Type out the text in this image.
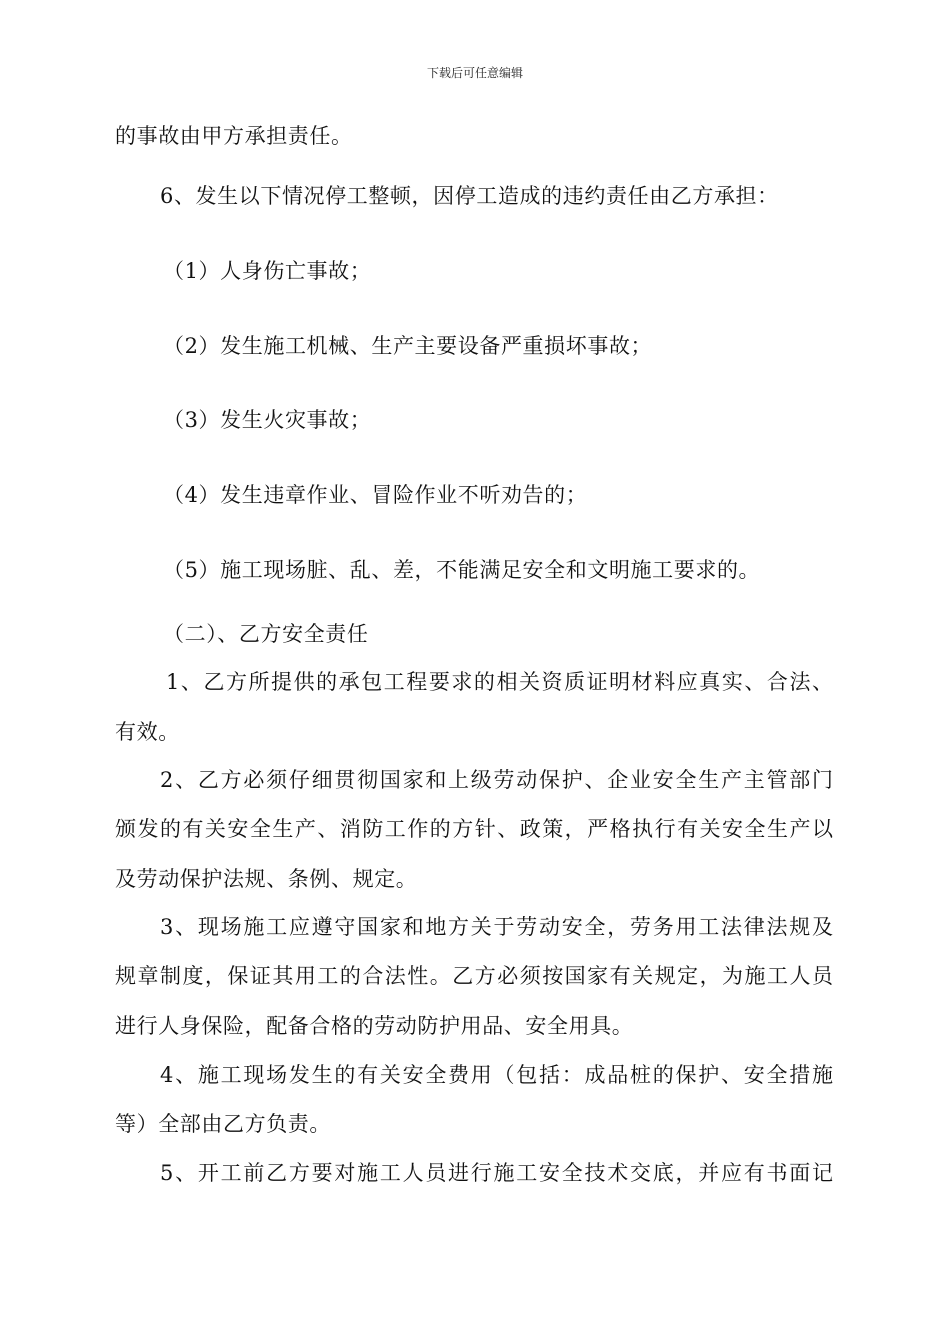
下载后可任意编辑
的事故由甲方承担责任。
6、发生以下情况停工整顿，因停工造成的违约责任由乙方承担：
（1）人身伤亡事故；
（2）发生施工机械、生产主要设备严重损坏事故；
（3）发生火灾事故；
（4）发生违章作业、冒险作业不听劝告的；
（5）施工现场脏、乱、差，不能满足安全和文明施工要求的。
（二）、乙方安全责任
1、乙方所提供的承包工程要求的相关资质证明材料应真实、合法、
有效。
2、乙方必须仔细贯彻国家和上级劳动保护、企业安全生产主管部门
颁发的有关安全生产、消防工作的方针、政策，严格执行有关安全生产以
及劳动保护法规、条例、规定。
3、现场施工应遵守国家和地方关于劳动安全，劳务用工法律法规及
规章制度，保证其用工的合法性。乙方必须按国家有关规定，为施工人员
进行人身保险，配备合格的劳动防护用品、安全用具。
4、施工现场发生的有关安全费用（包括：成品桩的保护、安全措施
等）全部由乙方负责。
5、开工前乙方要对施工人员进行施工安全技术交底，并应有书面记
